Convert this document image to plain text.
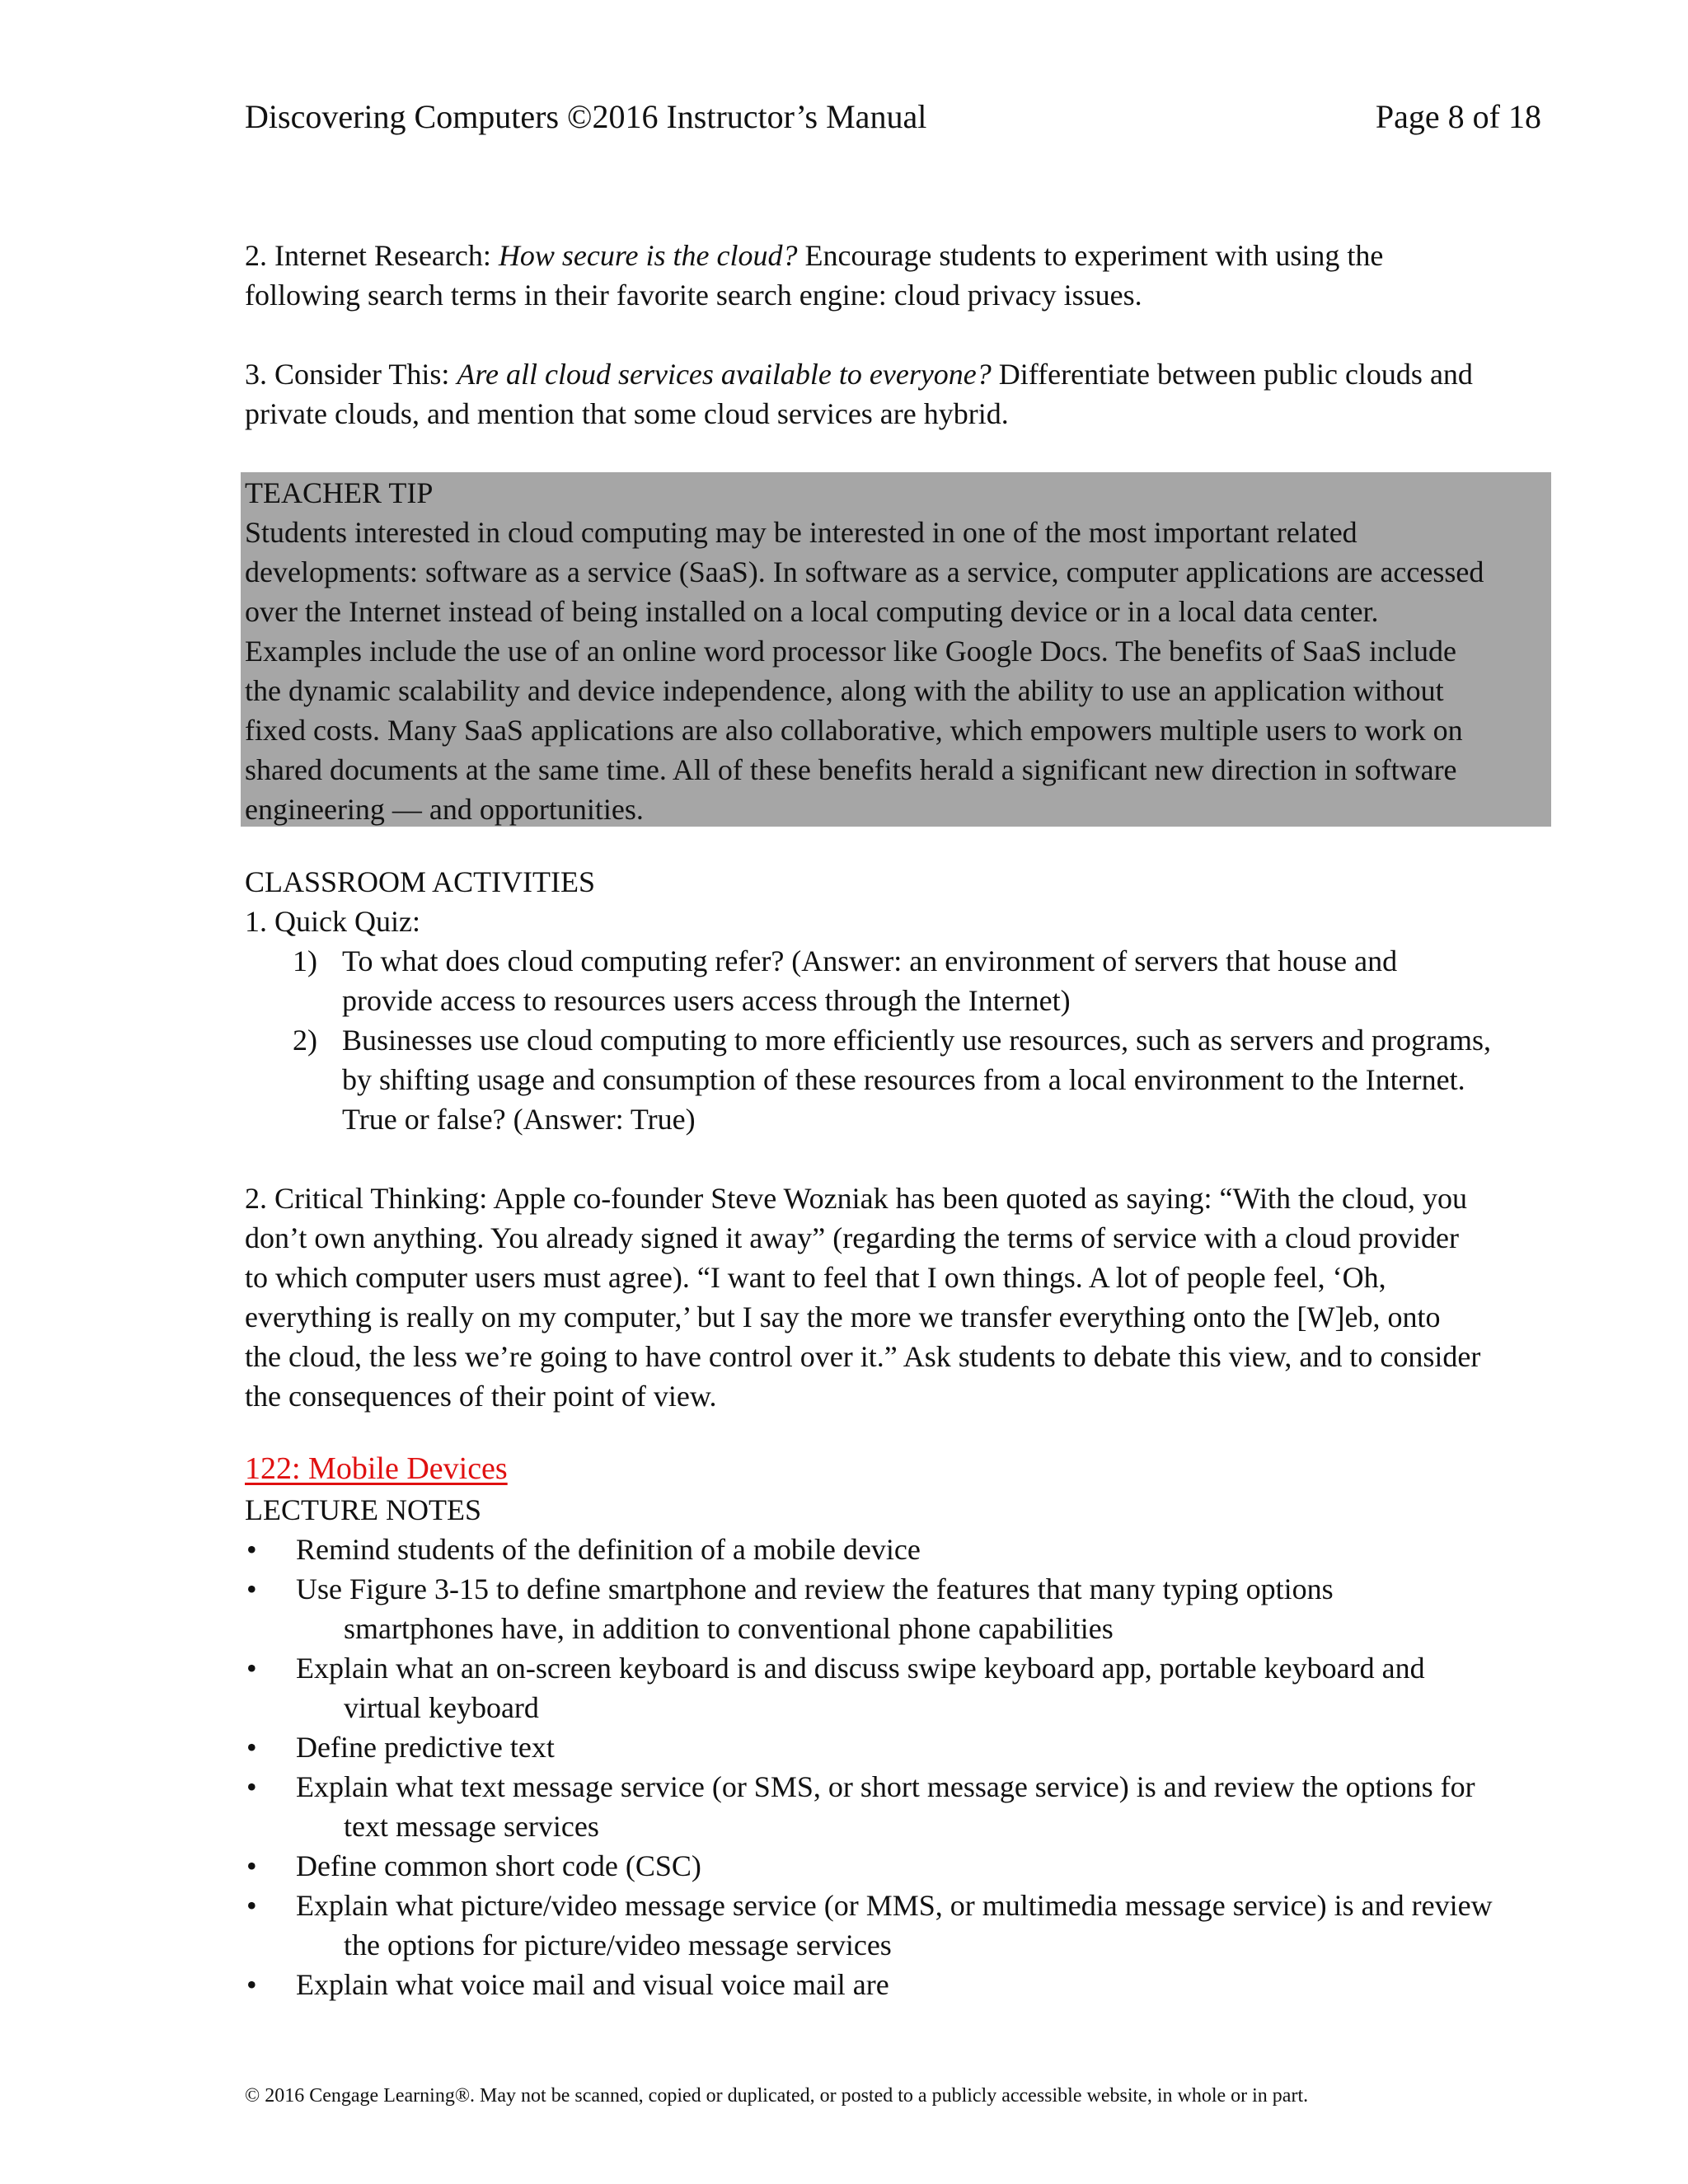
Discovering Computers ©2016 Instructor’s Manual	Page 8 of 18

2. Internet Research: How secure is the cloud? Encourage students to experiment with using the
following search terms in their favorite search engine: cloud privacy issues.

3. Consider This: Are all cloud services available to everyone? Differentiate between public clouds and
private clouds, and mention that some cloud services are hybrid.

TEACHER TIP
Students interested in cloud computing may be interested in one of the most important related
developments: software as a service (SaaS). In software as a service, computer applications are accessed
over the Internet instead of being installed on a local computing device or in a local data center.
Examples include the use of an online word processor like Google Docs. The benefits of SaaS include
the dynamic scalability and device independence, along with the ability to use an application without
fixed costs. Many SaaS applications are also collaborative, which empowers multiple users to work on
shared documents at the same time. All of these benefits herald a significant new direction in software
engineering — and opportunities.
CLASSROOM ACTIVITIES
1. Quick Quiz:
1) To what does cloud computing refer? (Answer: an environment of servers that house and
provide access to resources users access through the Internet)
2) Businesses use cloud computing to more efficiently use resources, such as servers and programs,
by shifting usage and consumption of these resources from a local environment to the Internet.
True or false? (Answer: True)
2. Critical Thinking: Apple co-founder Steve Wozniak has been quoted as saying: “With the cloud, you
don’t own anything. You already signed it away” (regarding the terms of service with a cloud provider
to which computer users must agree). “I want to feel that I own things. A lot of people feel, ‘Oh,
everything is really on my computer,’ but I say the more we transfer everything onto the [W]eb, onto
the cloud, the less we’re going to have control over it.” Ask students to debate this view, and to consider
the consequences of their point of view.
122: Mobile Devices
LECTURE NOTES
•	Remind students of the definition of a mobile device
•	Use Figure 3-15 to define smartphone and review the features that many typing options
smartphones have, in addition to conventional phone capabilities
•	Explain what an on-screen keyboard is and discuss swipe keyboard app, portable keyboard and
virtual keyboard
•	Define predictive text
•	Explain what text message service (or SMS, or short message service) is and review the options for
text message services
•	Define common short code (CSC)
•	Explain what picture/video message service (or MMS, or multimedia message service) is and review
the options for picture/video message services
•	Explain what voice mail and visual voice mail are
© 2016 Cengage Learning®. May not be scanned, copied or duplicated, or posted to a publicly accessible website, in whole or in part.
